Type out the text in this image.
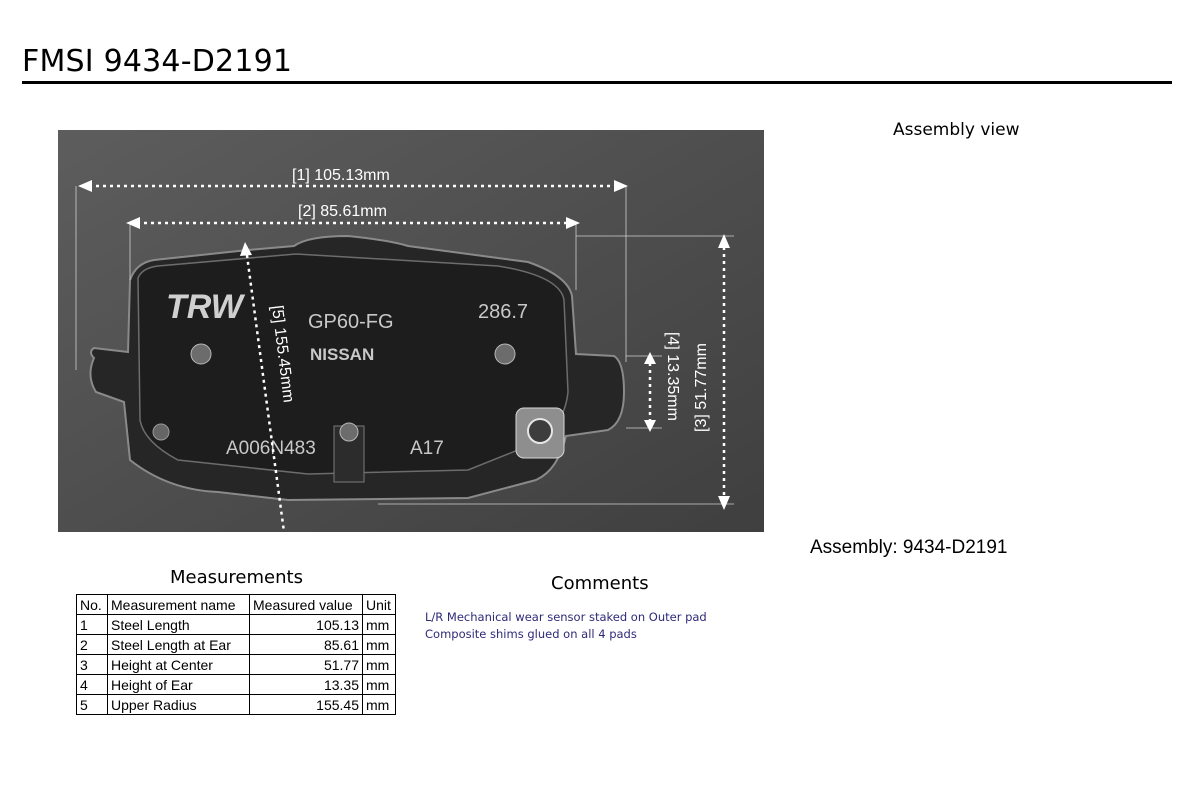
FMSI 9434-D2191
TRW	GP60-FG	286.7
NISSAN
A006N483	A17
[1] 105.13mm
[2] 85.61mm
[3] 51.77mm
[4] 13.35mm
[5] 155.45mm
Assembly view
Assembly: 9434-D2191
Measurements
No.	Measurement name	Measured value	Unit
1	Steel Length	105.13	mm
2	Steel Length at Ear	85.61	mm
3	Height at Center	51.77	mm
4	Height of Ear	13.35	mm
5	Upper Radius	155.45	mm
Comments
L/R Mechanical wear sensor staked on Outer pad
Composite shims glued on all 4 pads
